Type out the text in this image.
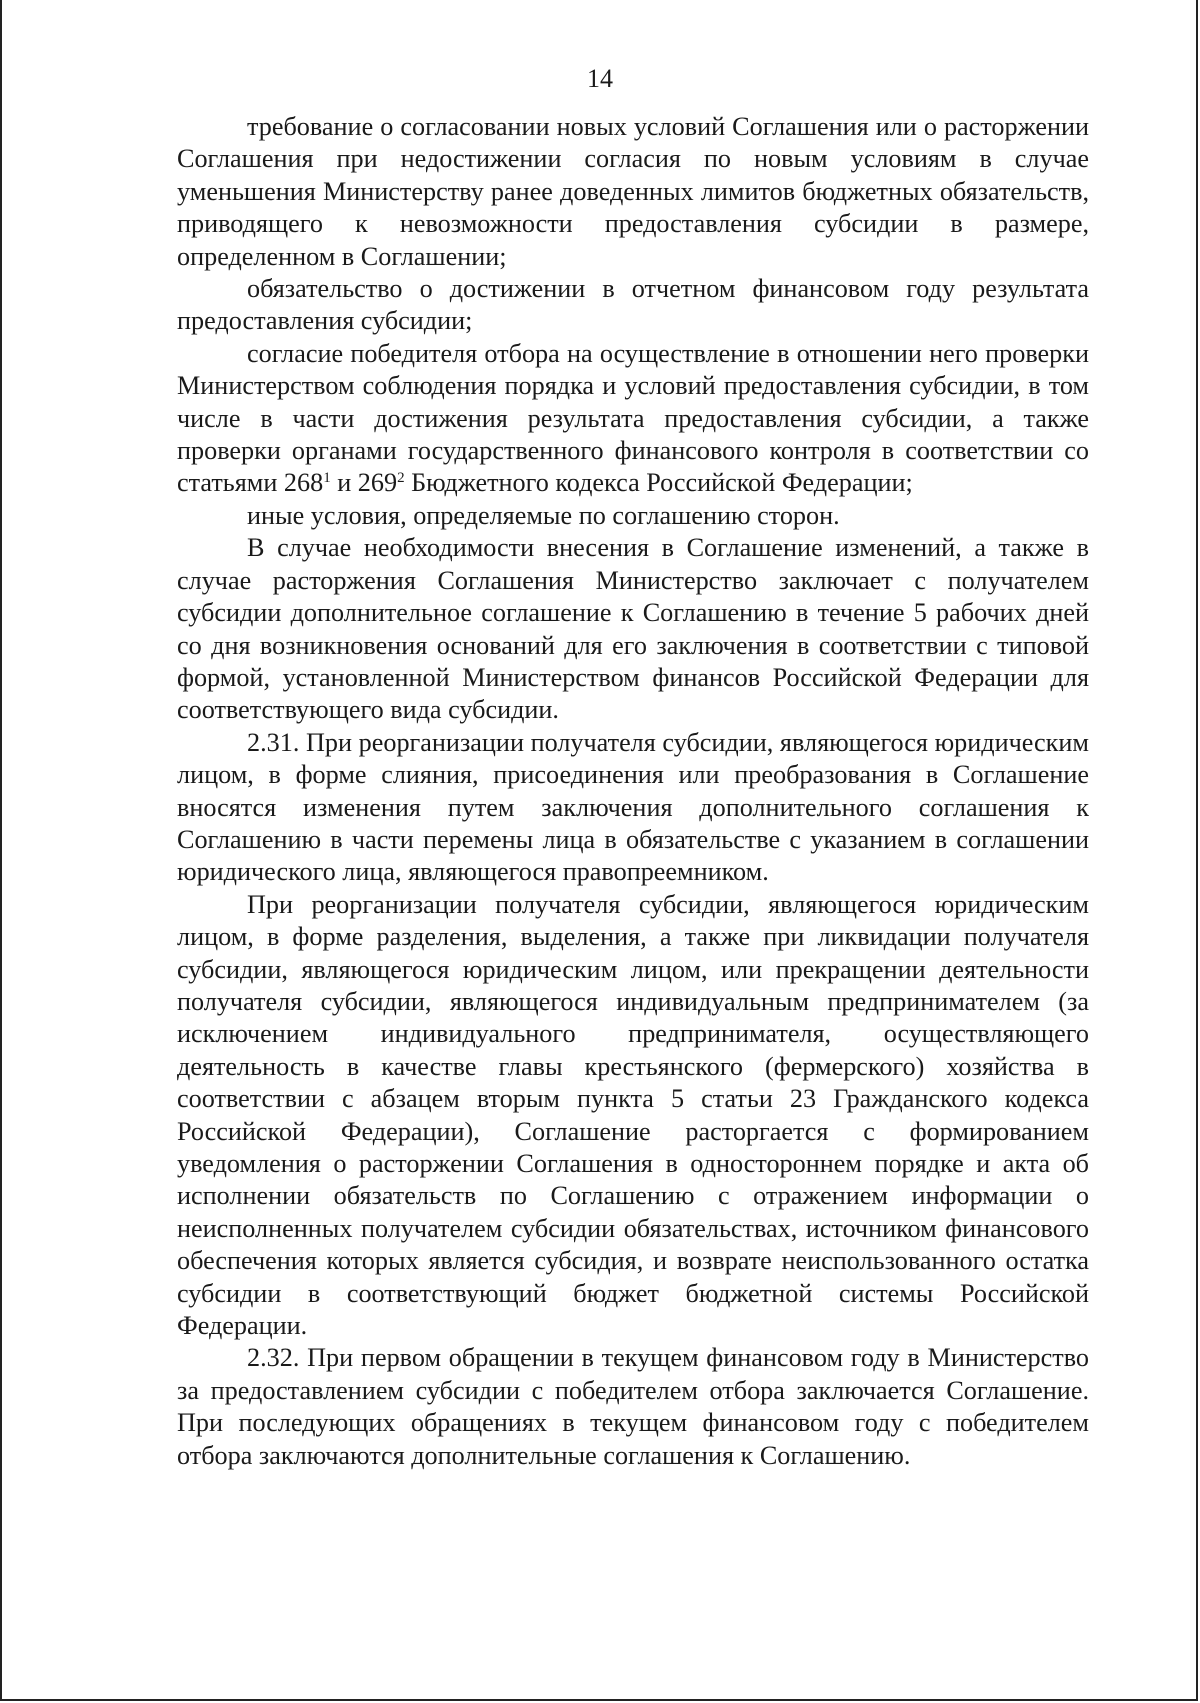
14

требование о согласовании новых условий Соглашения или о расторжении Соглашения при недостижении согласия по новым условиям в случае уменьшения Министерству ранее доведенных лимитов бюджетных обязательств, приводящего к невозможности предоставления субсидии в размере, определенном в Соглашении;

обязательство о достижении в отчетном финансовом году результата предоставления субсидии;

согласие победителя отбора на осуществление в отношении него проверки Министерством соблюдения порядка и условий предоставления субсидии, в том числе в части достижения результата предоставления субсидии, а также проверки органами государственного финансового контроля в соответствии со статьями $268^1$ и $269^2$ Бюджетного кодекса Российской Федерации;

иные условия, определяемые по соглашению сторон.

В случае необходимости внесения в Соглашение изменений, а также в случае расторжения Соглашения Министерство заключает с получателем субсидии дополнительное соглашение к Соглашению в течение 5 рабочих дней со дня возникновения оснований для его заключения в соответствии с типовой формой, установленной Министерством финансов Российской Федерации для соответствующего вида субсидии.

2.31. При реорганизации получателя субсидии, являющегося юридическим лицом, в форме слияния, присоединения или преобразования в Соглашение вносятся изменения путем заключения дополнительного соглашения к Соглашению в части перемены лица в обязательстве с указанием в соглашении юридического лица, являющегося правопреемником.

При реорганизации получателя субсидии, являющегося юридическим лицом, в форме разделения, выделения, а также при ликвидации получателя субсидии, являющегося юридическим лицом, или прекращении деятельности получателя субсидии, являющегося индивидуальным предпринимателем (за исключением индивидуального предпринимателя, осуществляющего деятельность в качестве главы крестьянского (фермерского) хозяйства в соответствии с абзацем вторым пункта 5 статьи 23 Гражданского кодекса Российской Федерации), Соглашение расторгается с формированием уведомления о расторжении Соглашения в одностороннем порядке и акта об исполнении обязательств по Соглашению с отражением информации о неисполненных получателем субсидии обязательствах, источником финансового обеспечения которых является субсидия, и возврате неиспользованного остатка субсидии в соответствующий бюджет бюджетной системы Российской Федерации.

2.32. При первом обращении в текущем финансовом году в Министерство за предоставлением субсидии с победителем отбора заключается Соглашение. При последующих обращениях в текущем финансовом году с победителем отбора заключаются дополнительные соглашения к Соглашению.
